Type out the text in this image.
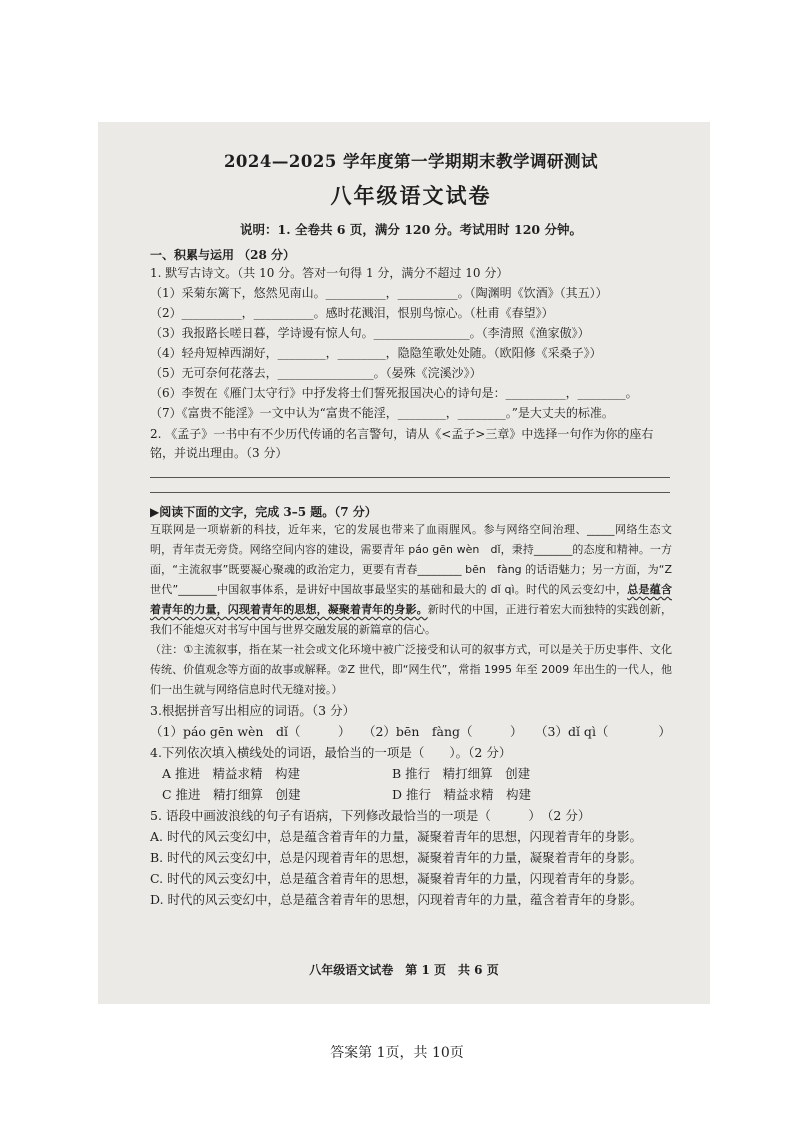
2024—2025 学年度第一学期期末教学调研测试
八年级语文试卷
说明：1. 全卷共 6 页，满分 120 分。考试用时 120 分钟。
一、积累与运用 （28 分）
1. 默写古诗文。（共 10 分。答对一句得 1 分，满分不超过 10 分）
（1）采菊东篱下，悠然见南山。__________，__________。（陶渊明《饮酒》（其五））
（2）__________，__________。感时花溅泪，恨别鸟惊心。（杜甫《春望》）
（3）我报路长嗟日暮，学诗谩有惊人句。________________。（李清照《渔家傲》）
（4）轻舟短棹西湖好，________，________，隐隐笙歌处处随。（欧阳修《采桑子》）
（5）无可奈何花落去，________________。（晏殊《浣溪沙》）
（6）李贺在《雁门太守行》中抒发将士们誓死报国决心的诗句是：__________，________。
（7）《富贵不能淫》一文中认为“富贵不能淫，________，________。”是大丈夫的标准。
2. 《孟子》一书中有不少历代传诵的名言警句，请从《<孟子>三章》中选择一句作为你的座右铭，并说出理由。（3 分）
▶阅读下面的文字，完成 3–5 题。（7 分）
互联网是一项崭新的科技，近年来，它的发展也带来了血雨腥风。参与网络空间治理、_____网络生态文明，青年责无旁贷。网络空间内容的建设，需要青年 páo gēn wèn　dǐ，秉持_______的态度和精神。一方面，“主流叙事”既要凝心聚魂的政治定力，更要有青春________ bēn　fàng 的话语魅力；另一方面，为“Z 世代”_______中国叙事体系，是讲好中国故事最坚实的基础和最大的 dǐ qì。时代的风云变幻中，总是蕴含着青年的力量，闪现着青年的思想，凝聚着青年的身影。新时代的中国，正进行着宏大而独特的实践创新，我们不能熄灭对书写中国与世界交融发展的新篇章的信心。
（注：①主流叙事，指在某一社会或文化环境中被广泛接受和认可的叙事方式，可以是关于历史事件、文化传统、价值观念等方面的故事或解释。②Z 世代，即“网生代”，常指 1995 年至 2009 年出生的一代人，他们一出生就与网络信息时代无缝对接。）
3.根据拼音写出相应的词语。（3 分）
（1）páo gēn wèn　dǐ（　　　）　　（2）bēn　fàng（　　　）　　（3）dǐ qì（　　　　）
4.下列依次填入横线处的词语，最恰当的一项是（　　）。（2 分）
A 推进　精益求精　构建	B 推行　精打细算　创建
C 推进　精打细算　创建	D 推行　精益求精　构建
5. 语段中画波浪线的句子有语病，下列修改最恰当的一项是（　　　）　（2 分）
A. 时代的风云变幻中，总是蕴含着青年的力量，凝聚着青年的思想，闪现着青年的身影。
B. 时代的风云变幻中，总是闪现着青年的思想，凝聚着青年的力量，凝聚着青年的身影。
C. 时代的风云变幻中，总是蕴含着青年的思想，凝聚着青年的力量，闪现着青年的身影。
D. 时代的风云变幻中，总是蕴含着青年的思想，闪现着青年的力量，蕴含着青年的身影。
八年级语文试卷　第 1 页　共 6 页
答案第 1页，共 10页
